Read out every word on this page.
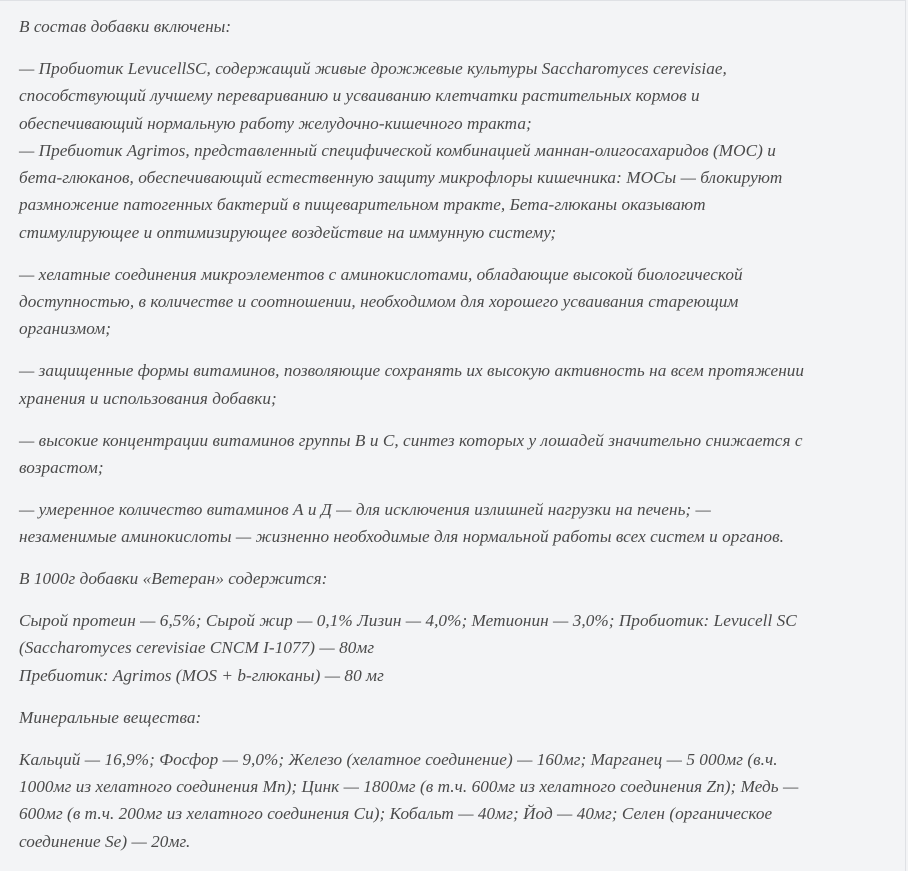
В состав добавки включены:

— Пробиотик LevucellSC, содержащий живые дрожжевые культуры Saccharomyces cerevisiae,
способствующий лучшему перевариванию и усваиванию клетчатки растительных кормов и
обеспечивающий нормальную работу желудочно-кишечного тракта;
— Пребиотик Agrimos, представленный специфической комбинацией маннан-олигосахаридов (МОС) и
бета-глюканов, обеспечивающий естественную защиту микрофлоры кишечника: МОСы — блокируют
размножение патогенных бактерий в пищеварительном тракте, Бета-глюканы оказывают
стимулирующее и оптимизирующее воздействие на иммунную систему;

— хелатные соединения микроэлементов с аминокислотами, обладающие высокой биологической
доступностью, в количестве и соотношении, необходимом для хорошего усваивания стареющим
организмом;

— защищенные формы витаминов, позволяющие сохранять их высокую активность на всем протяжении
хранения и использования добавки;

— высокие концентрации витаминов группы В и С, синтез которых у лошадей значительно снижается с
возрастом;

— умеренное количество витаминов А и Д — для исключения излишней нагрузки на печень; —
незаменимые аминокислоты — жизненно необходимые для нормальной работы всех систем и органов.

В 1000г добавки «Ветеран» содержится:

Сырой протеин — 6,5%; Сырой жир — 0,1% Лизин — 4,0%; Метионин — 3,0%; Пробиотик: Levucell SC
(Saccharomyces cerevisiae CNCM I-1077) — 80мг
Пребиотик: Agrimos (MOS + b-глюканы) — 80 мг

Минеральные вещества:

Кальций — 16,9%; Фосфор — 9,0%; Железо (хелатное соединение) — 160мг; Марганец — 5 000мг (в.ч.
1000мг из хелатного соединения Mn); Цинк — 1800мг (в т.ч. 600мг из хелатного соединения Zn); Медь —
600мг (в т.ч. 200мг из хелатного соединения Cu); Кобальт — 40мг; Йод — 40мг; Селен (органическое
соединение Se) — 20мг.
